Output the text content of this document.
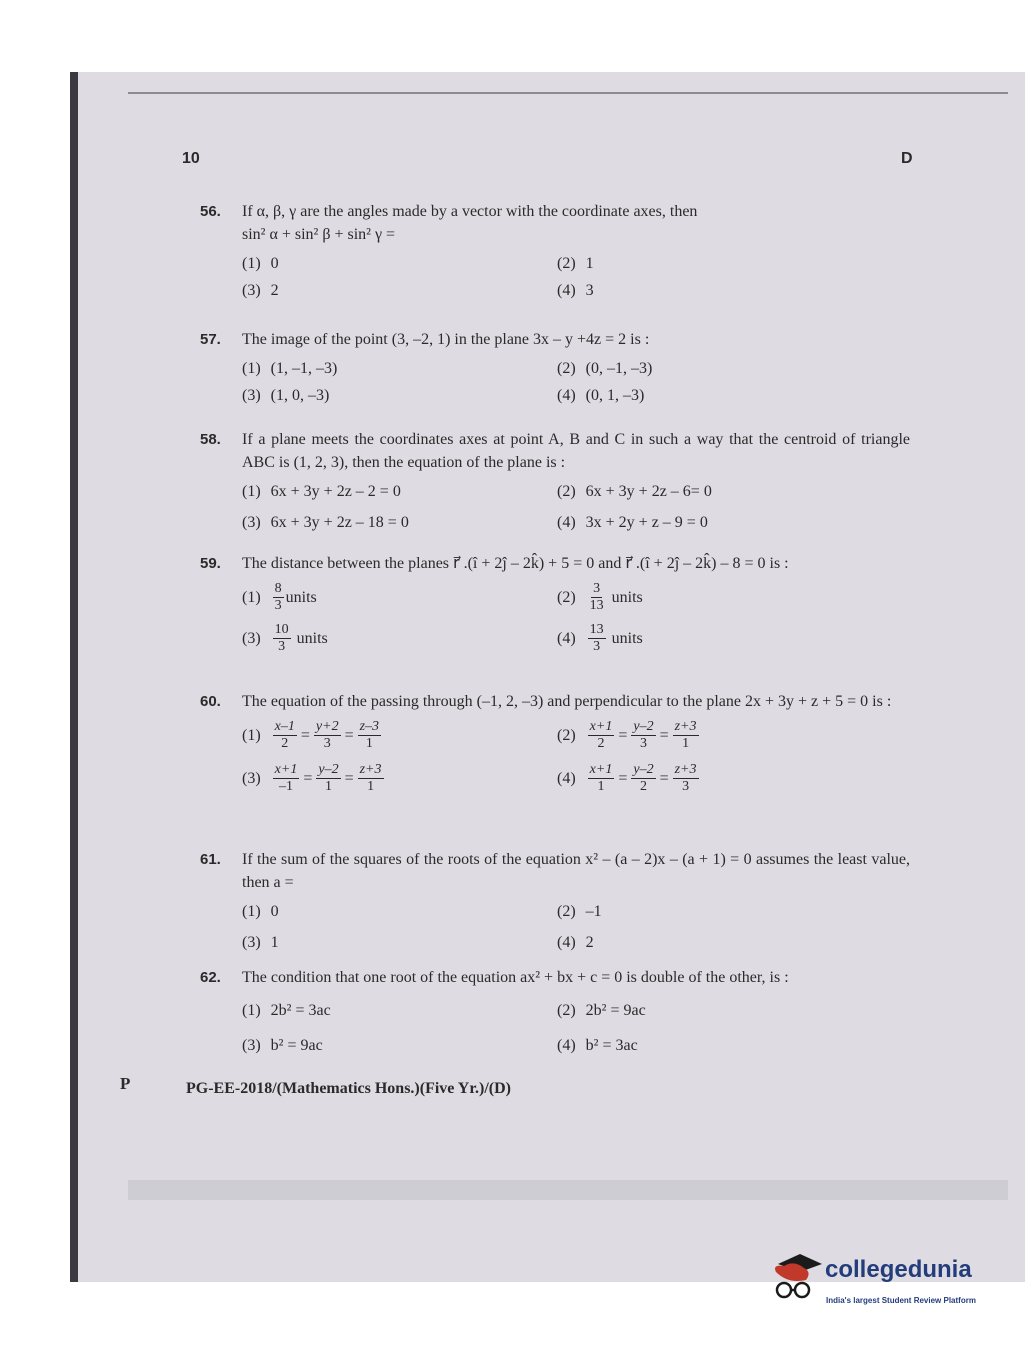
10	D
56. If α, β, γ are the angles made by a vector with the coordinate axes, then
sin² α + sin² β + sin² γ =
(1) 0	(2) 1
(3) 2	(4) 3
57. The image of the point (3, –2, 1) in the plane 3x – y +4z = 2 is :
(1) (1, –1, –3)	(2) (0, –1, –3)
(3) (1, 0, –3)	(4) (0, 1, –3)
58. If a plane meets the coordinates axes at point A, B and C in such a way that the centroid of triangle ABC is (1, 2, 3), then the equation of the plane is :
(1) 6x + 3y + 2z – 2 = 0	(2) 6x + 3y + 2z – 6= 0
(3) 6x + 3y + 2z – 18 = 0	(4) 3x + 2y + z – 9 = 0
59. The distance between the planes r⃗ .(î + 2ĵ – 2k̂) + 5 = 0 and r⃗ .(î + 2ĵ – 2k̂) – 8 = 0 is :
$(1) \frac{8}{3}$ units	$(2) \frac{3}{13}$
units
$(3) \frac{10}{3}$
units	$(4) \frac{13}{3}$
units
60. The equation of the passing through (–1, 2, –3) and perpendicular to the plane 2x + 3y + z + 5 = 0 is :
$(1) \frac{x-1}{2} = \frac{y+2}{3} = \frac{z-3}{1}$	$(2) \frac{x+1}{2} = \frac{y-2}{3} = \frac{z+3}{1}$
$(3) \frac{x+1}{-1} = \frac{y-2}{1} = \frac{z+3}{1}$	$(4) \frac{x+1}{1} = \frac{y-2}{2} = \frac{z+3}{3}$
61. If the sum of the squares of the roots of the equation x² – (a – 2)x – (a + 1) = 0 assumes the least value, then a =
(1) 0	(2) –1
(3) 1	(4) 2
62. The condition that one root of the equation ax² + bx + c = 0 is double of the other, is :
(1) 2b² = 3ac	(2) 2b² = 9ac
(3) b² = 9ac	(4) b² = 3ac
P	PG-EE-2018/(Mathematics Hons.)(Five Yr.)/(D)
collegedunia
India's largest Student Review Platform
